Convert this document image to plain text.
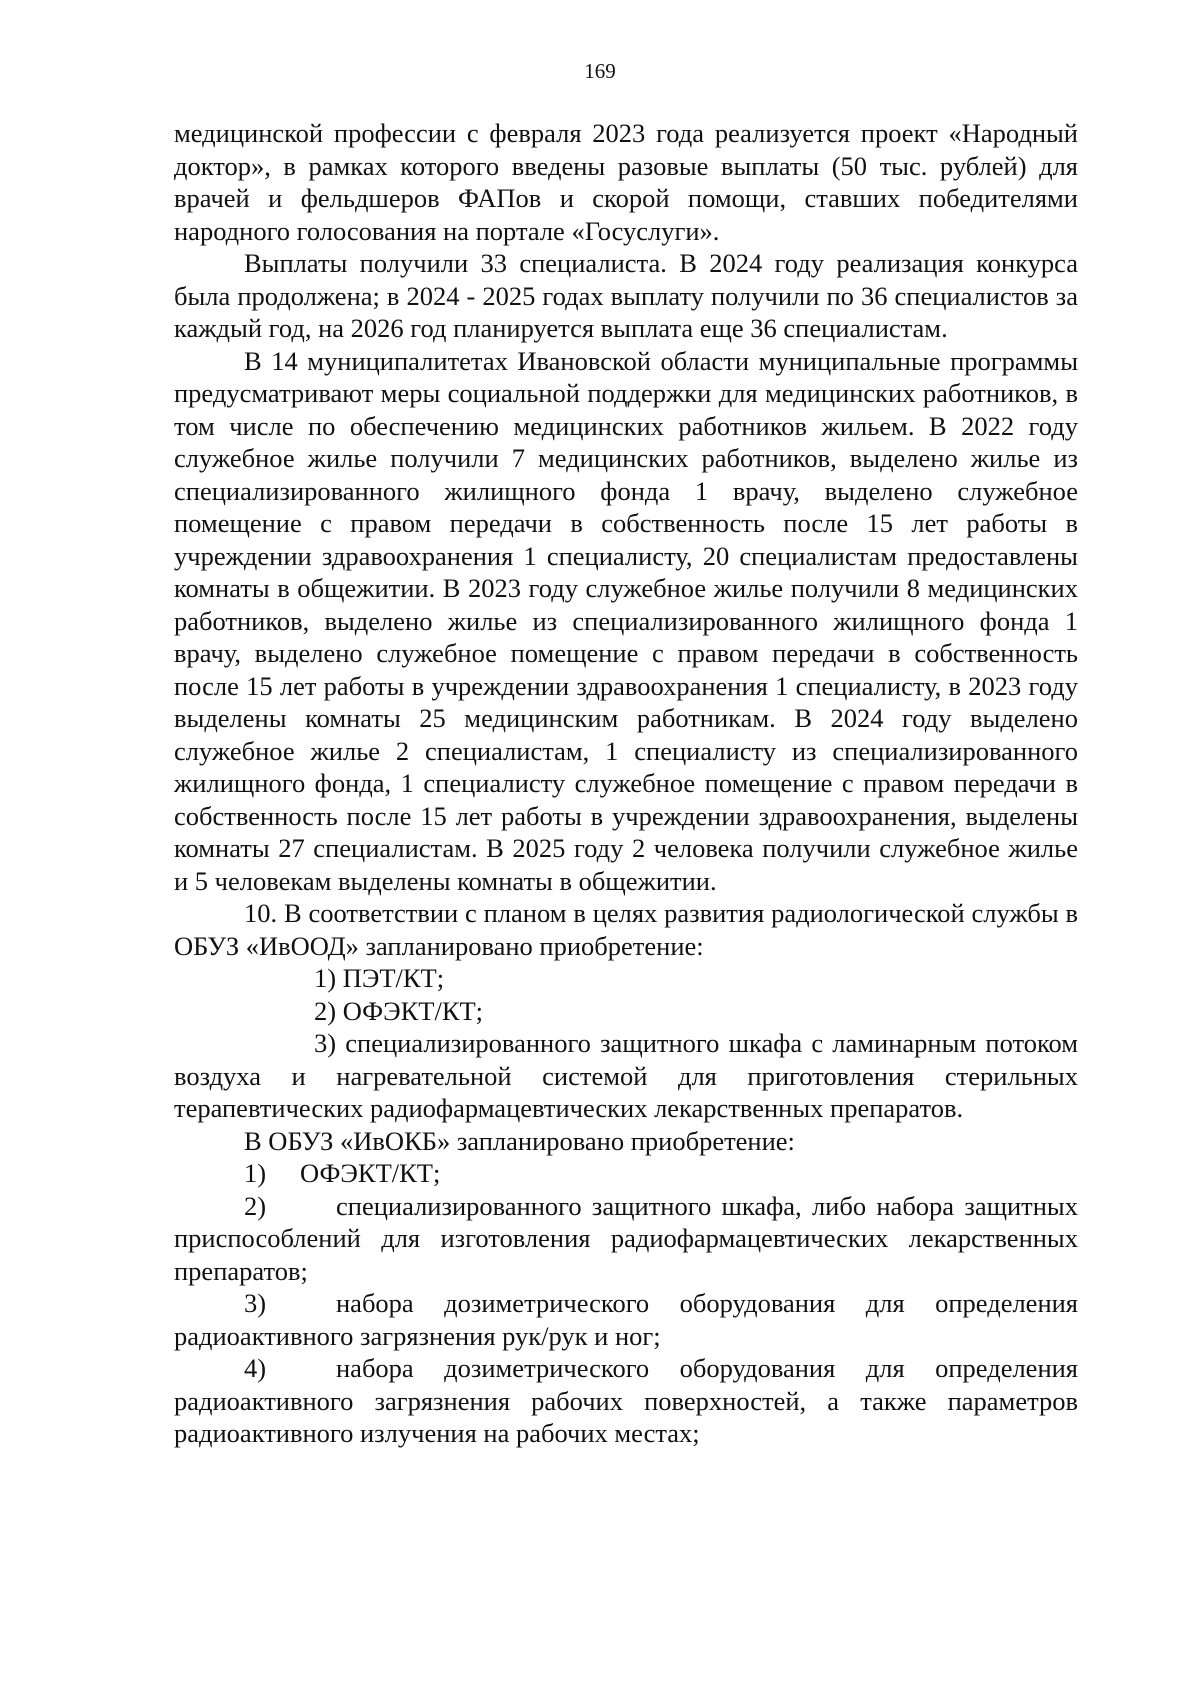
169

медицинской профессии с февраля 2023 года реализуется проект «Народный доктор», в рамках которого введены разовые выплаты (50 тыс. рублей) для врачей и фельдшеров ФАПов и скорой помощи, ставших победителями народного голосования на портале «Госуслуги».

Выплаты получили 33 специалиста. В 2024 году реализация конкурса была продолжена; в 2024 - 2025 годах выплату получили по 36 специалистов за каждый год, на 2026 год планируется выплата еще 36 специалистам.

В 14 муниципалитетах Ивановской области муниципальные программы предусматривают меры социальной поддержки для медицинских работников, в том числе по обеспечению медицинских работников жильем. В 2022 году служебное жилье получили 7 медицинских работников, выделено жилье из специализированного жилищного фонда 1 врачу, выделено служебное помещение с правом передачи в собственность после 15 лет работы в учреждении здравоохранения 1 специалисту, 20 специалистам предоставлены комнаты в общежитии. В 2023 году служебное жилье получили 8 медицинских работников, выделено жилье из специализированного жилищного фонда 1 врачу, выделено служебное помещение с правом передачи в собственность после 15 лет работы в учреждении здравоохранения 1 специалисту, в 2023 году выделены комнаты 25 медицинским работникам. В 2024 году выделено служебное жилье 2 специалистам, 1 специалисту из специализированного жилищного фонда, 1 специалисту служебное помещение с правом передачи в собственность после 15 лет работы в учреждении здравоохранения, выделены комнаты 27 специалистам. В 2025 году 2 человека получили служебное жилье и 5 человекам выделены комнаты в общежитии.

10. В соответствии с планом в целях развития радиологической службы в ОБУЗ «ИвООД» запланировано приобретение:

1) ПЭТ/КТ;

2) ОФЭКТ/КТ;

3) специализированного защитного шкафа с ламинарным потоком воздуха и нагревательной системой для приготовления стерильных терапевтических радиофармацевтических лекарственных препаратов.

В ОБУЗ «ИвОКБ» запланировано приобретение:

1) ОФЭКТ/КТ;

2)	специализированного защитного шкафа, либо набора защитных приспособлений для изготовления радиофармацевтических лекарственных препаратов;

3)	набора дозиметрического оборудования для определения радиоактивного загрязнения рук/рук и ног;

4)	набора дозиметрического оборудования для определения радиоактивного загрязнения рабочих поверхностей, а также параметров радиоактивного излучения на рабочих местах;
